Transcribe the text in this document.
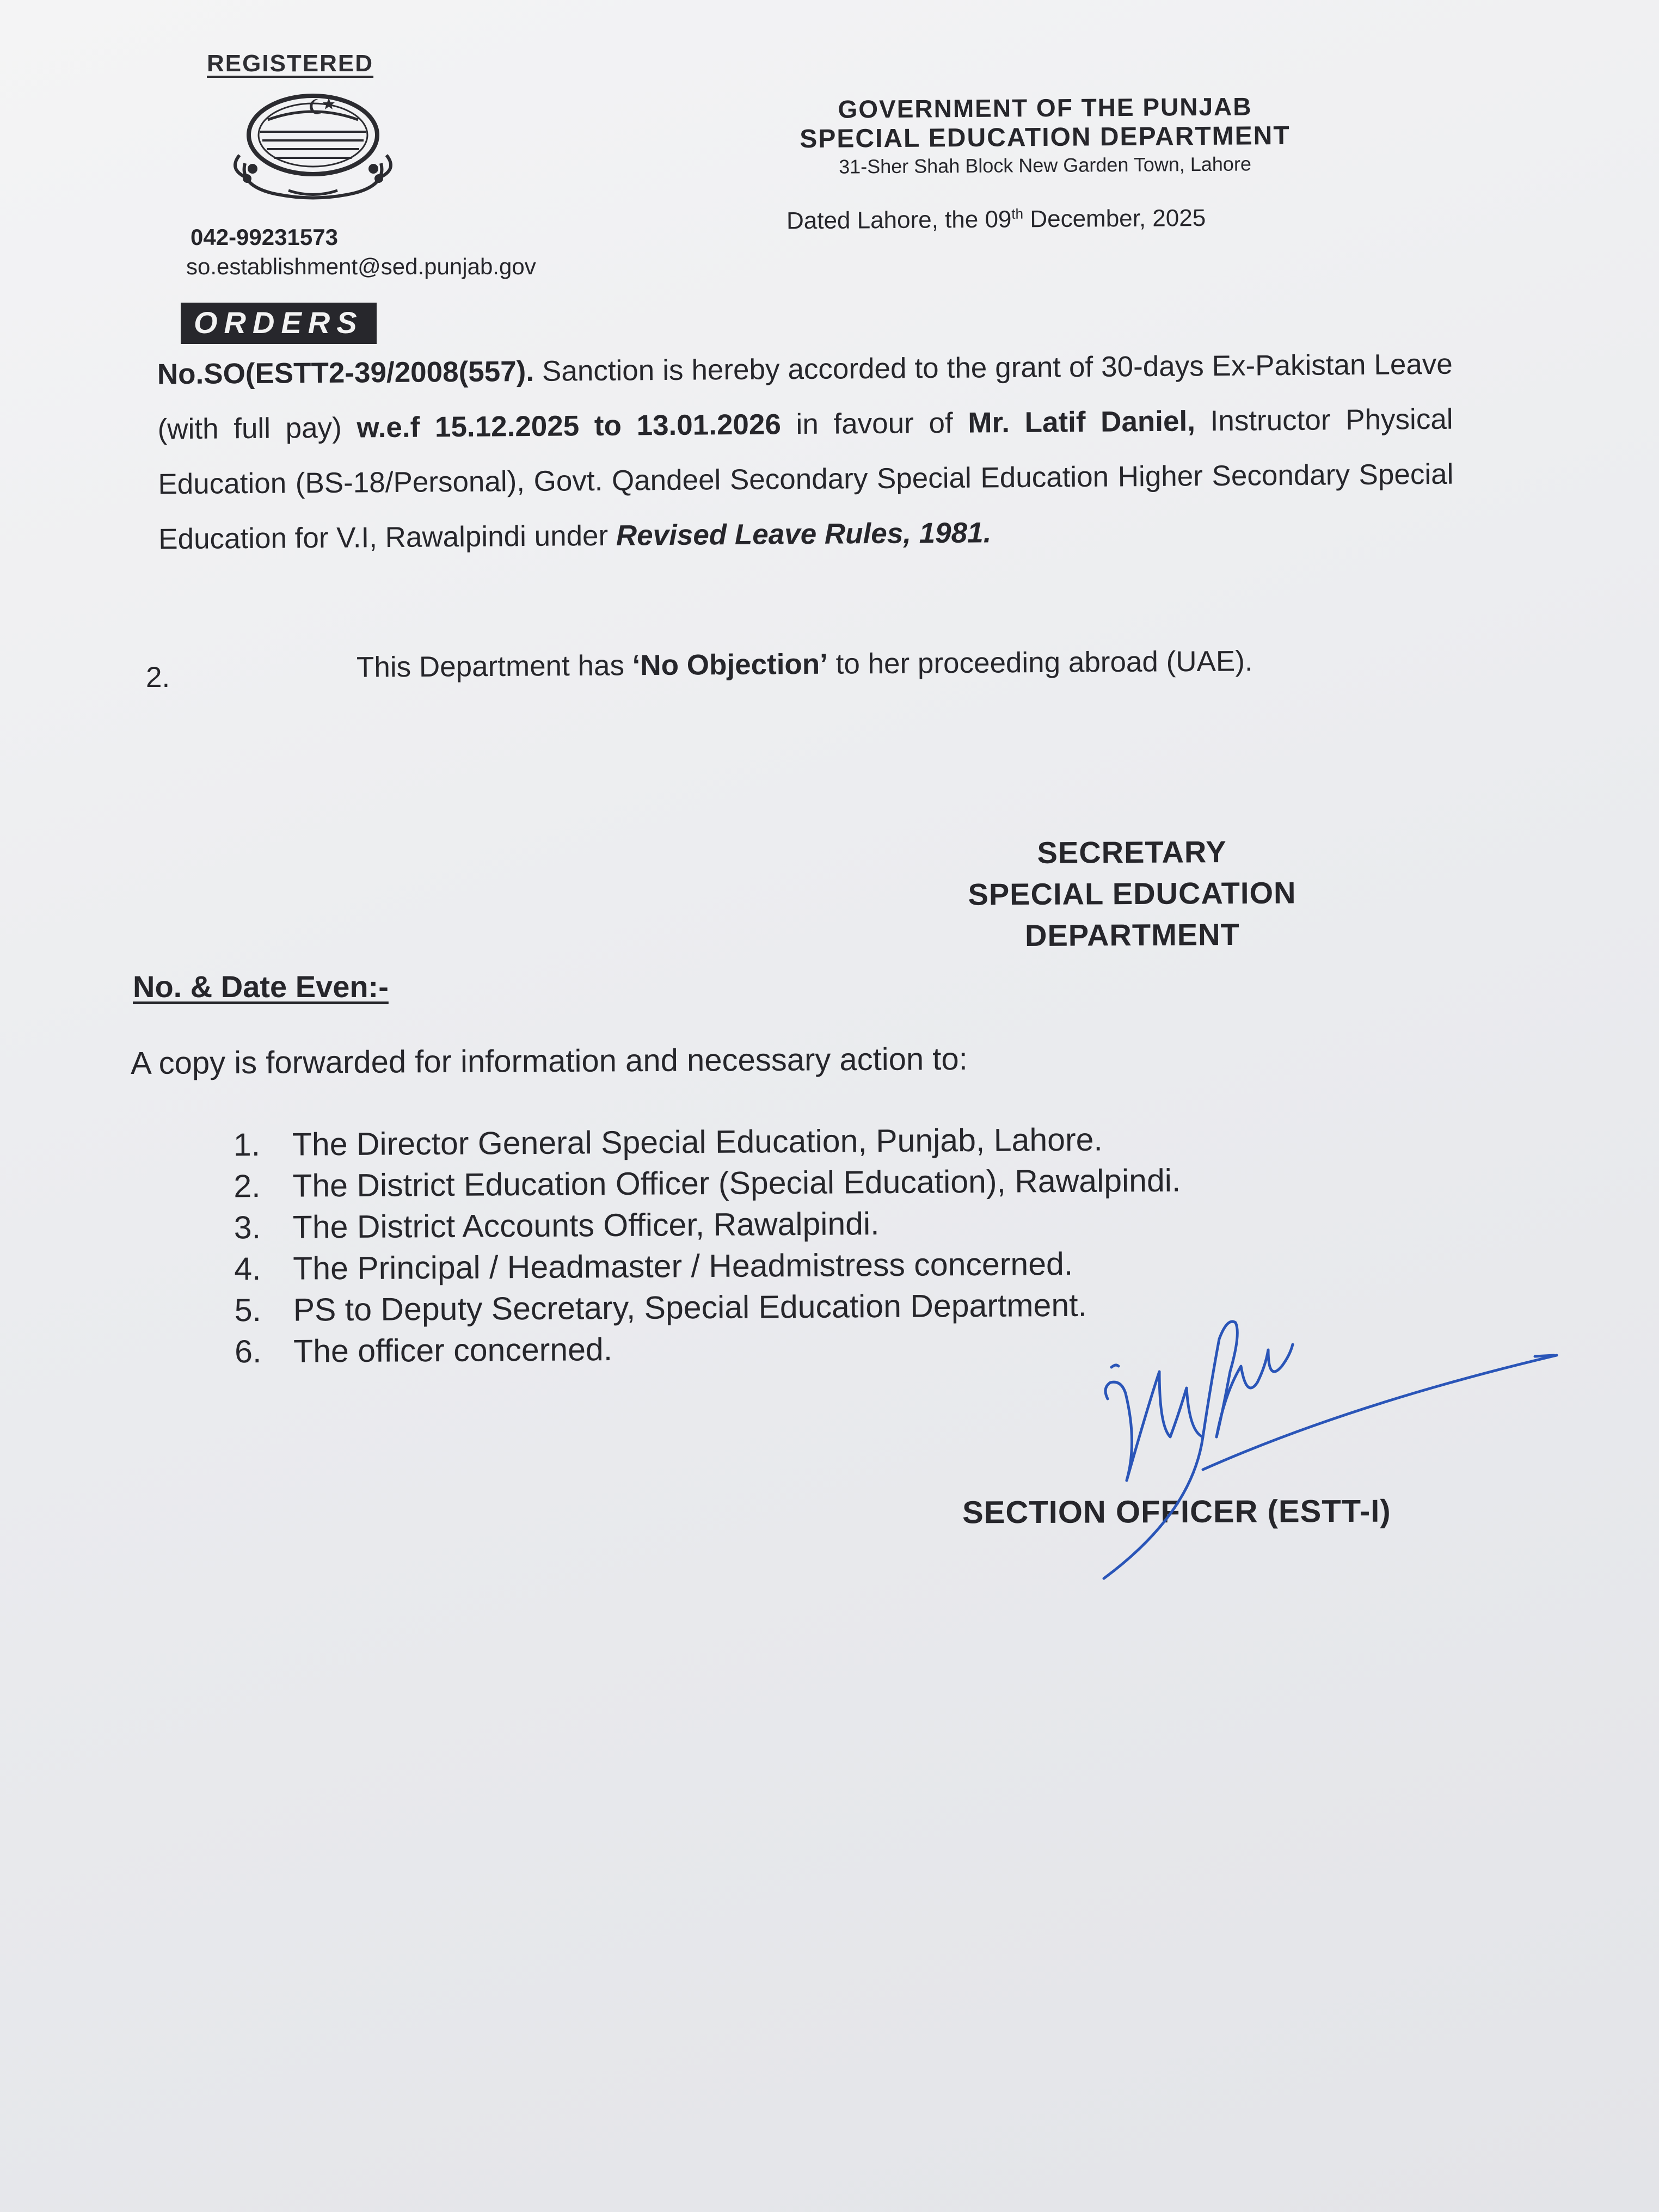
REGISTERED
042-99231573
so.establishment@sed.punjab.gov
ORDERS
GOVERNMENT OF THE PUNJAB
SPECIAL EDUCATION DEPARTMENT
31-Sher Shah Block New Garden Town, Lahore
Dated Lahore, the 09th December, 2025
No.SO(ESTT2-39/2008(557). Sanction is hereby accorded to the grant of 30-days Ex-Pakistan Leave (with full pay) w.e.f 15.12.2025 to 13.01.2026 in favour of Mr. Latif Daniel, Instructor Physical Education (BS-18/Personal), Govt. Qandeel Secondary Special Education Higher Secondary Special Education for V.I, Rawalpindi under Revised Leave Rules, 1981.
2.	This Department has ‘No Objection’ to her proceeding abroad (UAE).
SECRETARY
SPECIAL EDUCATION
DEPARTMENT
No. & Date Even:-
A copy is forwarded for information and necessary action to:
1. The Director General Special Education, Punjab, Lahore.
2. The District Education Officer (Special Education), Rawalpindi.
3. The District Accounts Officer, Rawalpindi.
4. The Principal / Headmaster / Headmistress concerned.
5. PS to Deputy Secretary, Special Education Department.
6. The officer concerned.
SECTION OFFICER (ESTT-I)
